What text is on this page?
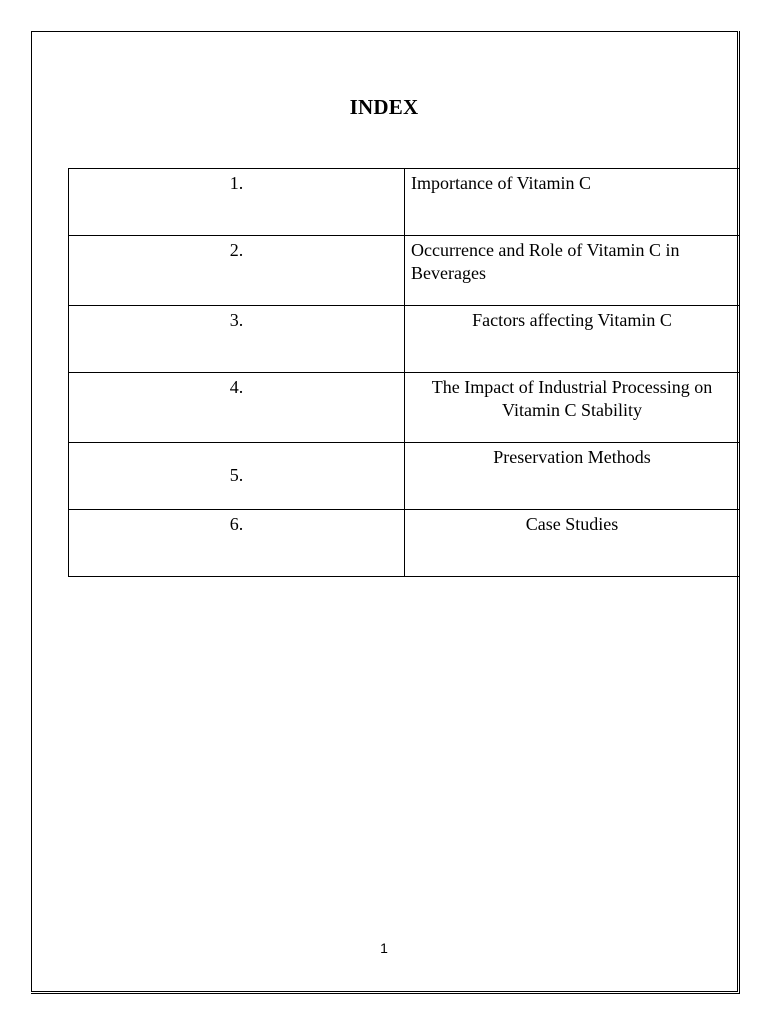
INDEX
1.	Importance of Vitamin C
2.	Occurrence and Role of Vitamin C in Beverages
3.	Factors affecting Vitamin C
4.	The Impact of Industrial Processing on Vitamin C Stability
5.	Preservation Methods
6.	Case Studies
1
